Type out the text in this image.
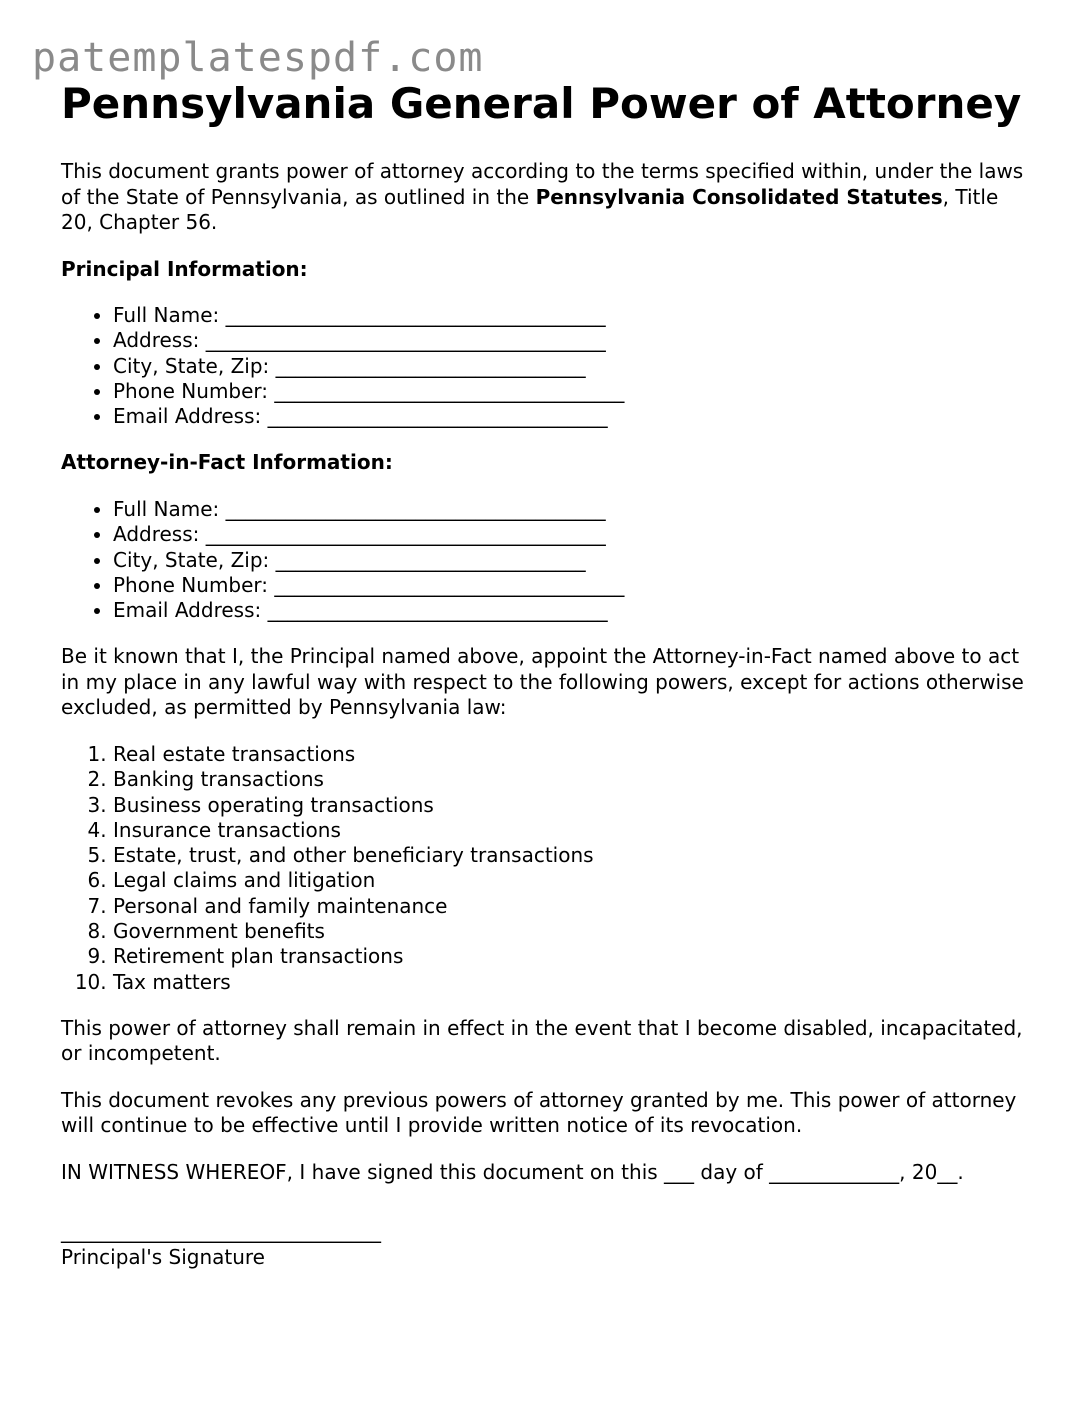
patemplatespdf.com
Pennsylvania General Power of Attorney

This document grants power of attorney according to the terms specified within, under the laws of the State of Pennsylvania, as outlined in the Pennsylvania Consolidated Statutes, Title 20, Chapter 56.

Principal Information:

• Full Name: ______________________________________
• Address: ________________________________________
• City, State, Zip: _______________________________
• Phone Number: ___________________________________
• Email Address: __________________________________

Attorney-in-Fact Information:

• Full Name: ______________________________________
• Address: ________________________________________
• City, State, Zip: _______________________________
• Phone Number: ___________________________________
• Email Address: __________________________________

Be it known that I, the Principal named above, appoint the Attorney-in-Fact named above to act in my place in any lawful way with respect to the following powers, except for actions otherwise excluded, as permitted by Pennsylvania law:

1. Real estate transactions
2. Banking transactions
3. Business operating transactions
4. Insurance transactions
5. Estate, trust, and other beneficiary transactions
6. Legal claims and litigation
7. Personal and family maintenance
8. Government benefits
9. Retirement plan transactions
10. Tax matters

This power of attorney shall remain in effect in the event that I become disabled, incapacitated, or incompetent.

This document revokes any previous powers of attorney granted by me. This power of attorney will continue to be effective until I provide written notice of its revocation.

IN WITNESS WHEREOF, I have signed this document on this ___ day of _____________, 20__.

________________________________
Principal's Signature
